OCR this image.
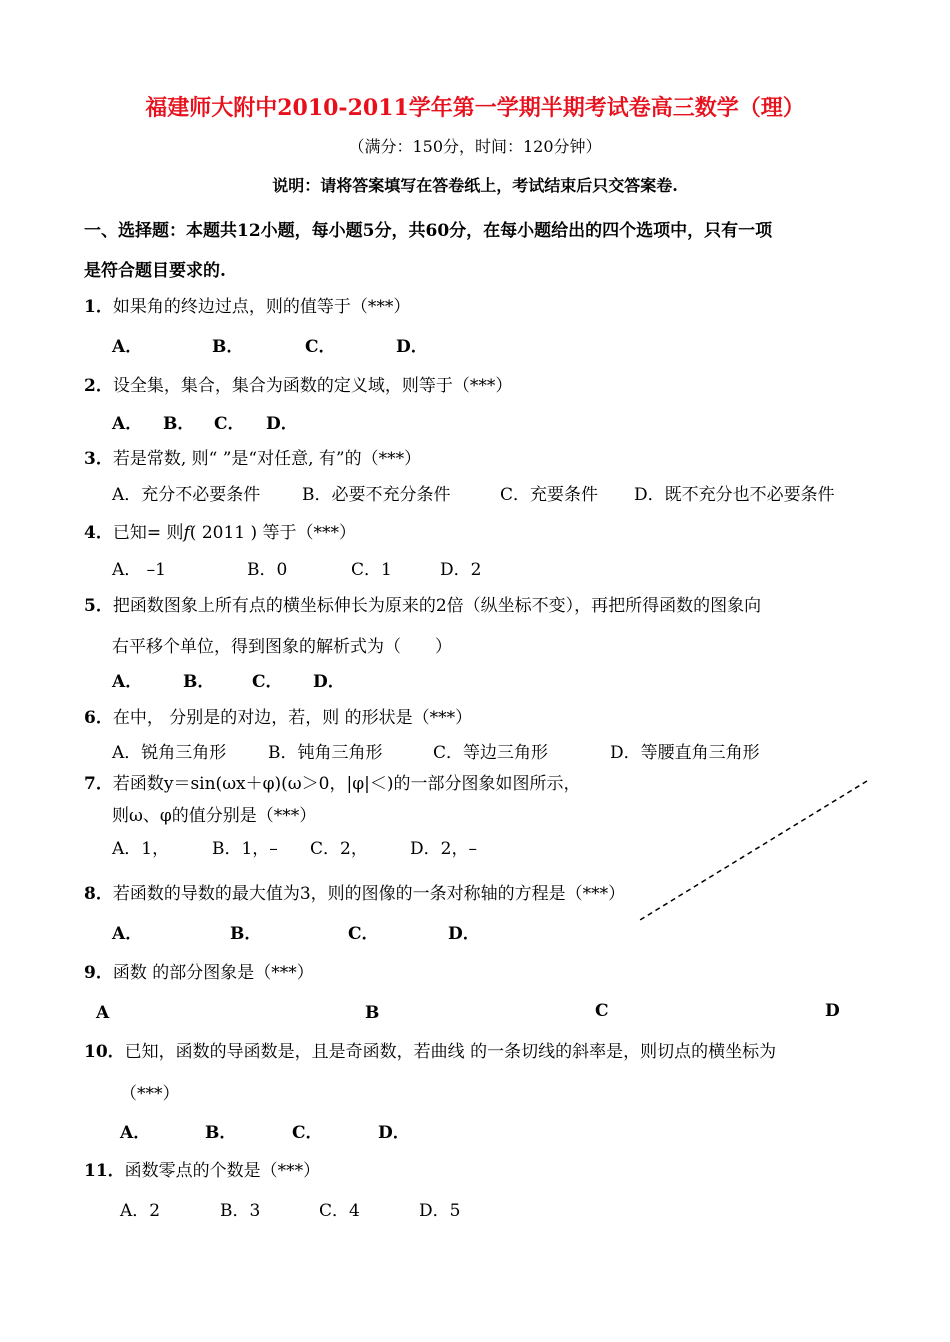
福建师大附中2010-2011学年第一学期半期考试卷高三数学（理）
（满分：150分，时间：120分钟）
说明：请将答案填写在答卷纸上，考试结束后只交答案卷.
一、选择题：本题共12小题，每小题5分，共60分，在每小题给出的四个选项中，只有一项
是符合题目要求的.
1．如果角的终边过点，则的值等于（***）
A．	B．	C．	D．
2．设全集，集合，集合为函数的定义域，则等于（***）
A． B． C． D．
3．若是常数, 则“ ”是“对任意, 有”的（***）
A．充分不必要条件 B．必要不充分条件	C．充要条件 D．既不充分也不必要条件
4．已知= 则f( 2011 ) 等于（***）
A． –1	B．0	C．1	D．2
5．把函数图象上所有点的横坐标伸长为原来的2倍（纵坐标不变），再把所得函数的图象向
右平移个单位，得到图象的解析式为（　　）
A． B． C． D．
6．在中， 分别是的对边，若，则 的形状是（***）
A．锐角三角形 B．钝角三角形	C．等边三角形	D．等腰直角三角形
7．若函数y＝sin(ωx＋φ)(ω＞0，|φ|＜)的一部分图象如图所示，
则ω、φ的值分别是（***）
A．1，	B．1，– C．2， D．2，–
8．若函数的导数的最大值为3，则的图像的一条对称轴的方程是（***）
A．	B．	C．	D．
9．函数 的部分图象是（***）
A	B	C	D
10．已知，函数的导函数是，且是奇函数，若曲线 的一条切线的斜率是，则切点的横坐标为
（***）
A．	B．	C．	D．
11．函数零点的个数是（***）
A．2	B．3	C．4	D．5
